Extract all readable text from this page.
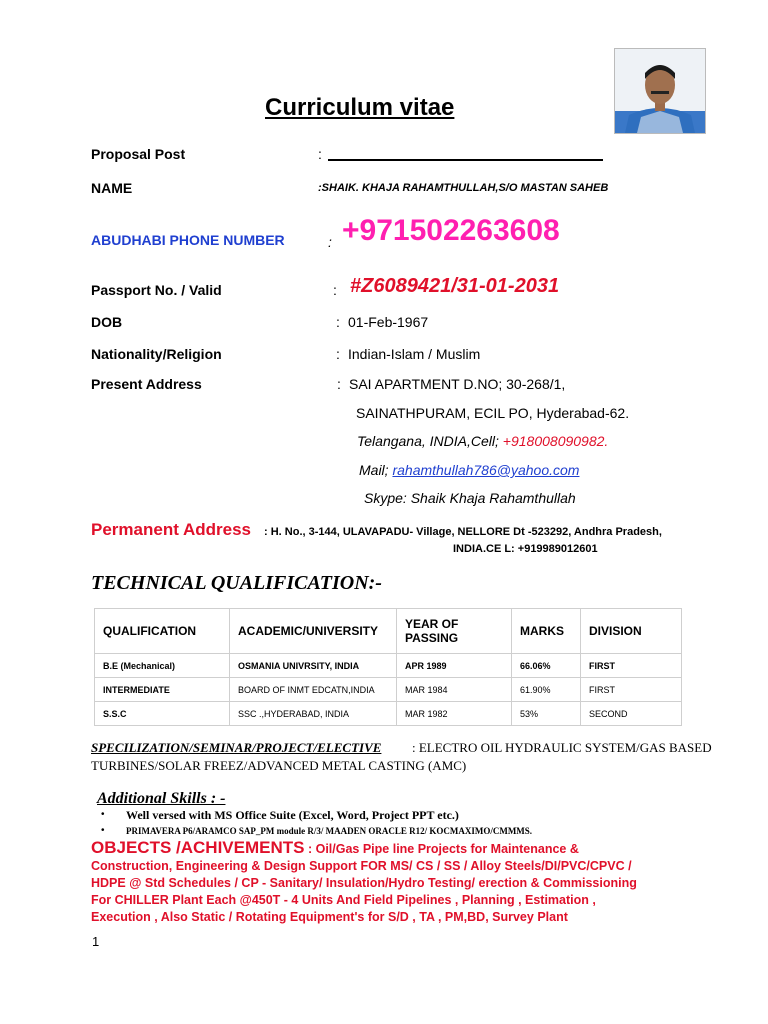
Curriculum vitae
Proposal Post	:
NAME	:SHAIK. KHAJA RAHAMTHULLAH,S/O MASTAN SAHEB
ABUDHABI PHONE NUMBER	: +971502263608
Passport No. / Valid	: #Z6089421/31-01-2031
DOB	: 01-Feb-1967
Nationality/Religion	: Indian-Islam / Muslim
Present Address	: SAI APARTMENT D.NO; 30-268/1,
SAINATHPURAM, ECIL PO, Hyderabad-62.
Telangana, INDIA,Cell; +918008090982.
Mail; rahamthullah786@yahoo.com
Skype: Shaik Khaja Rahamthullah
Permanent Address : H. No., 3-144, ULAVAPADU- Village, NELLORE Dt -523292, Andhra Pradesh,
INDIA.CE L: +919989012601
TECHNICAL QUALIFICATION:-
QUALIFICATION	ACADEMIC/UNIVERSITY	YEAR OF PASSING	MARKS	DIVISION
B.E (Mechanical)	OSMANIA UNIVRSITY, INDIA	APR 1989	66.06%	FIRST
INTERMEDIATE	BOARD OF INMT EDCATN,INDIA	MAR 1984	61.90%	FIRST
S.S.C	SSC .,HYDERABAD, INDIA	MAR 1982	53%	SECOND
SPECILIZATION/SEMINAR/PROJECT/ELECTIVE : ELECTRO OIL HYDRAULIC SYSTEM/GAS BASED
TURBINES/SOLAR FREEZ/ADVANCED METAL CASTING (AMC)
Additional Skills : -
• Well versed with MS Office Suite (Excel, Word, Project PPT etc.)
• PRIMAVERA P6/ARAMCO SAP_PM module R/3/ MAADEN ORACLE R12/ KOCMAXIMO/CMMMS.
OBJECTS /ACHIVEMENTS : Oil/Gas Pipe line Projects for Maintenance &
Construction, Engineering & Design Support FOR MS/ CS / SS / Alloy Steels/DI/PVC/CPVC /
HDPE @ Std Schedules / CP - Sanitary/ Insulation/Hydro Testing/ erection & Commissioning
For CHILLER Plant Each @450T - 4 Units And Field Pipelines , Planning , Estimation ,
Execution , Also Static / Rotating Equipment's for S/D , TA , PM,BD, Survey Plant
1
